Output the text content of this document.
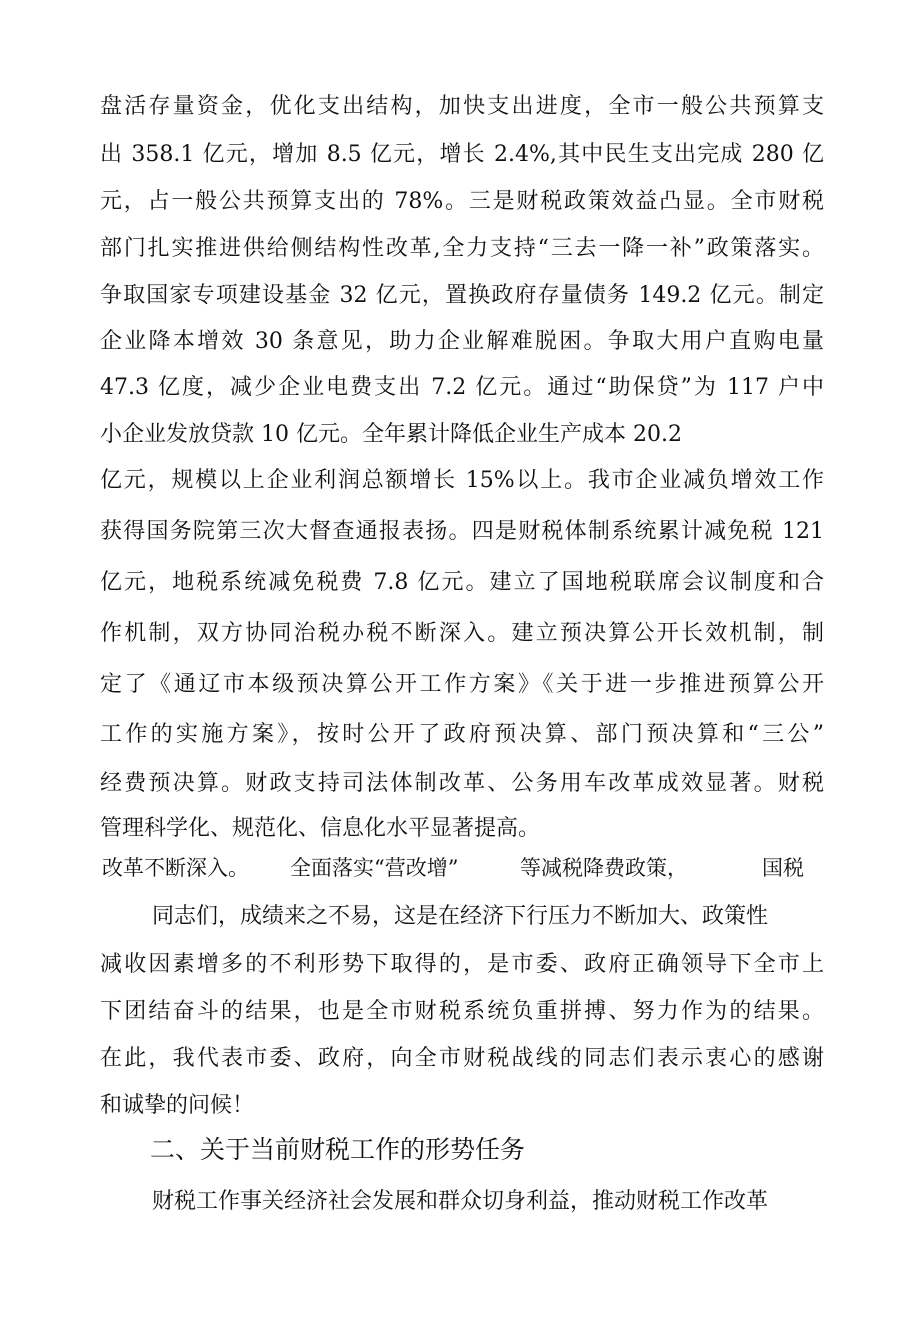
盘活存量资金，优化支出结构，加快支出进度，全市一般公共预算支
出 358.1 亿元，增加 8.5 亿元，增长 2.4%,其中民生支出完成 280 亿
元，占一般公共预算支出的 78%。三是财税政策效益凸显。全市财税
部门扎实推进供给侧结构性改革,全力支持“三去一降一补”政策落实。
争取国家专项建设基金 32 亿元，置换政府存量债务 149.2 亿元。制定
企业降本增效 30 条意见，助力企业解难脱困。争取大用户直购电量
47.3 亿度，减少企业电费支出 7.2 亿元。通过“助保贷”为 117 户中
小企业发放贷款 10 亿元。全年累计降低企业生产成本 20.2
亿元，规模以上企业利润总额增长 15%以上。我市企业减负增效工作
获得国务院第三次大督查通报表扬。四是财税体制系统累计减免税 121
亿元，地税系统减免税费 7.8 亿元。建立了国地税联席会议制度和合
作机制，双方协同治税办税不断深入。建立预决算公开长效机制，制
定了《通辽市本级预决算公开工作方案》《关于进一步推进预算公开
工作的实施方案》，按时公开了政府预决算、部门预决算和“三公”
经费预决算。财政支持司法体制改革、公务用车改革成效显著。财税
管理科学化、规范化、信息化水平显著提高。
改革不断深入。 全面落实“营改增”	等减税降费政策，	国税
同志们，成绩来之不易，这是在经济下行压力不断加大、政策性
减收因素增多的不利形势下取得的，是市委、政府正确领导下全市上
下团结奋斗的结果，也是全市财税系统负重拼搏、努力作为的结果。
在此，我代表市委、政府，向全市财税战线的同志们表示衷心的感谢
和诚挚的问候！
二、关于当前财税工作的形势任务
财税工作事关经济社会发展和群众切身利益，推动财税工作改革
